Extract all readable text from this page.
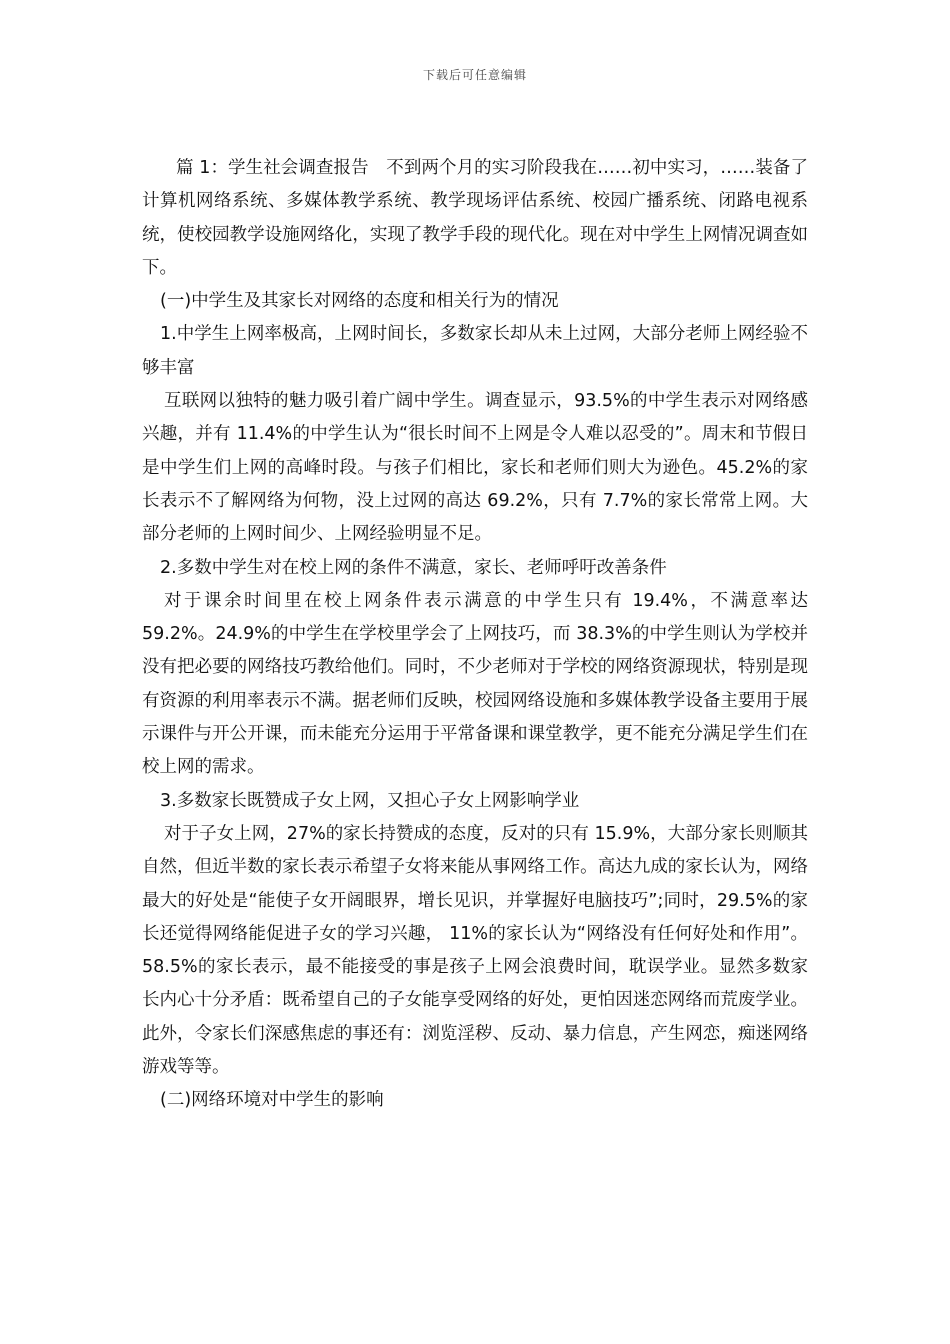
下载后可任意编辑

篇 1：学生社会调查报告　不到两个月的实习阶段我在……初中实习，……装备了计算机网络系统、多媒体教学系统、教学现场评估系统、校园广播系统、闭路电视系统，使校园教学设施网络化，实现了教学手段的现代化。现在对中学生上网情况调查如下。

(一)中学生及其家长对网络的态度和相关行为的情况

1.中学生上网率极高，上网时间长，多数家长却从未上过网，大部分老师上网经验不够丰富

互联网以独特的魅力吸引着广阔中学生。调查显示，93.5%的中学生表示对网络感兴趣，并有 11.4%的中学生认为“很长时间不上网是令人难以忍受的”。周末和节假日是中学生们上网的高峰时段。与孩子们相比，家长和老师们则大为逊色。45.2%的家长表示不了解网络为何物，没上过网的高达 69.2%，只有 7.7%的家长常常上网。大部分老师的上网时间少、上网经验明显不足。

2.多数中学生对在校上网的条件不满意，家长、老师呼吁改善条件

对于课余时间里在校上网条件表示满意的中学生只有 19.4%，不满意率达 59.2%。24.9%的中学生在学校里学会了上网技巧，而 38.3%的中学生则认为学校并没有把必要的网络技巧教给他们。同时，不少老师对于学校的网络资源现状，特别是现有资源的利用率表示不满。据老师们反映，校园网络设施和多媒体教学设备主要用于展示课件与开公开课，而未能充分运用于平常备课和课堂教学，更不能充分满足学生们在校上网的需求。

3.多数家长既赞成子女上网，又担心子女上网影响学业

对于子女上网，27%的家长持赞成的态度，反对的只有 15.9%，大部分家长则顺其自然，但近半数的家长表示希望子女将来能从事网络工作。高达九成的家长认为，网络最大的好处是“能使子女开阔眼界，增长见识，并掌握好电脑技巧”;同时，29.5%的家长还觉得网络能促进子女的学习兴趣， 11%的家长认为“网络没有任何好处和作用”。58.5%的家长表示，最不能接受的事是孩子上网会浪费时间，耽误学业。显然多数家长内心十分矛盾：既希望自己的子女能享受网络的好处，更怕因迷恋网络而荒废学业。此外，令家长们深感焦虑的事还有：浏览淫秽、反动、暴力信息，产生网恋，痴迷网络游戏等等。

(二)网络环境对中学生的影响
